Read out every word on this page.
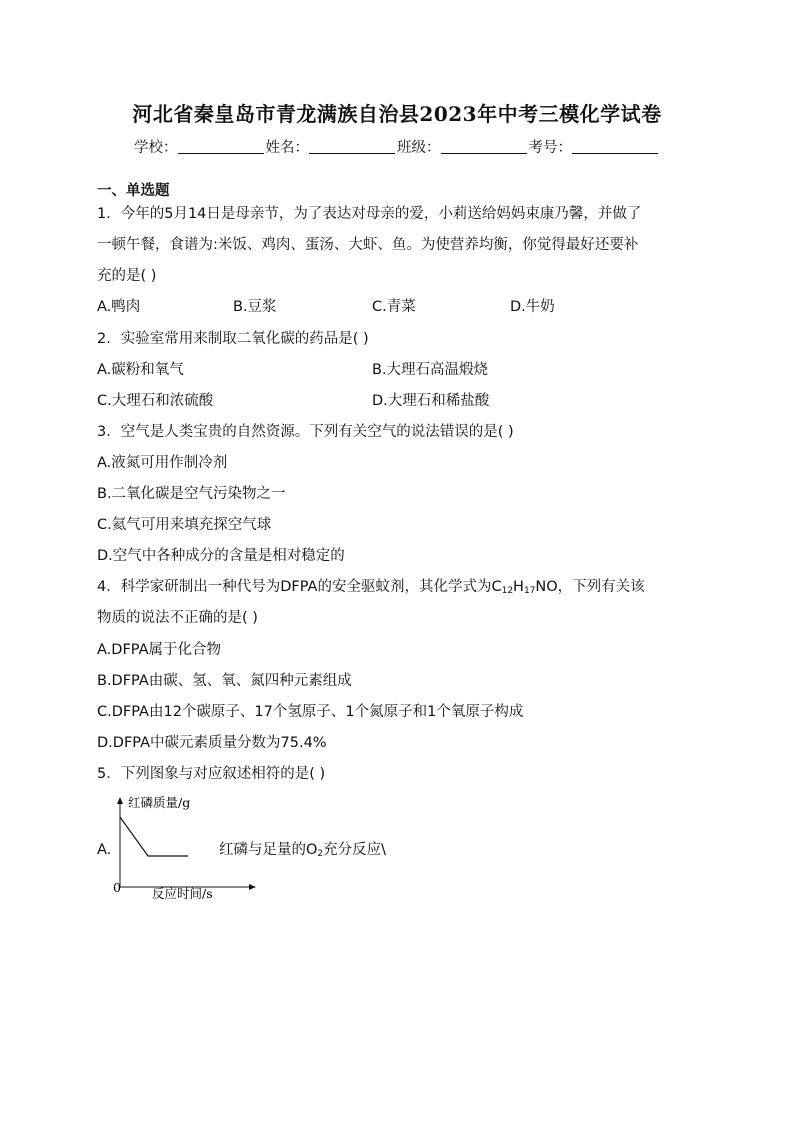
河北省秦皇岛市青龙满族自治县2023年中考三模化学试卷
学校：	姓名：	班级：	考号：
一、单选题
1．今年的5月14日是母亲节，为了表达对母亲的爱，小莉送给妈妈束康乃馨，并做了
一顿午餐，食谱为:米饭、鸡肉、蛋汤、大虾、鱼。为使营养均衡，你觉得最好还要补
充的是( )
A.鸭肉	B.豆浆	C.青菜	D.牛奶
2．实验室常用来制取二氧化碳的药品是( )
A.碳粉和氧气	B.大理石高温煅烧
C.大理石和浓硫酸	D.大理石和稀盐酸
3．空气是人类宝贵的自然资源。下列有关空气的说法错误的是( )
A.液氮可用作制冷剂
B.二氧化碳是空气污染物之一
C.氦气可用来填充探空气球
D.空气中各种成分的含量是相对稳定的
4．科学家研制出一种代号为DFPA的安全驱蚊剂，其化学式为$C_{12}H_{17}NO$，下列有关该
物质的说法不正确的是( )
A.DFPA属于化合物
B.DFPA由碳、氢、氧、氮四种元素组成
C.DFPA由12个碳原子、17个氢原子、1个氮原子和1个氧原子构成
D.DFPA中碳元素质量分数为75.4%
5．下列图象与对应叙述相符的是( )
A.
红磷质量/g
反应时间/s
0
红磷与足量的$O_2$充分反应\
